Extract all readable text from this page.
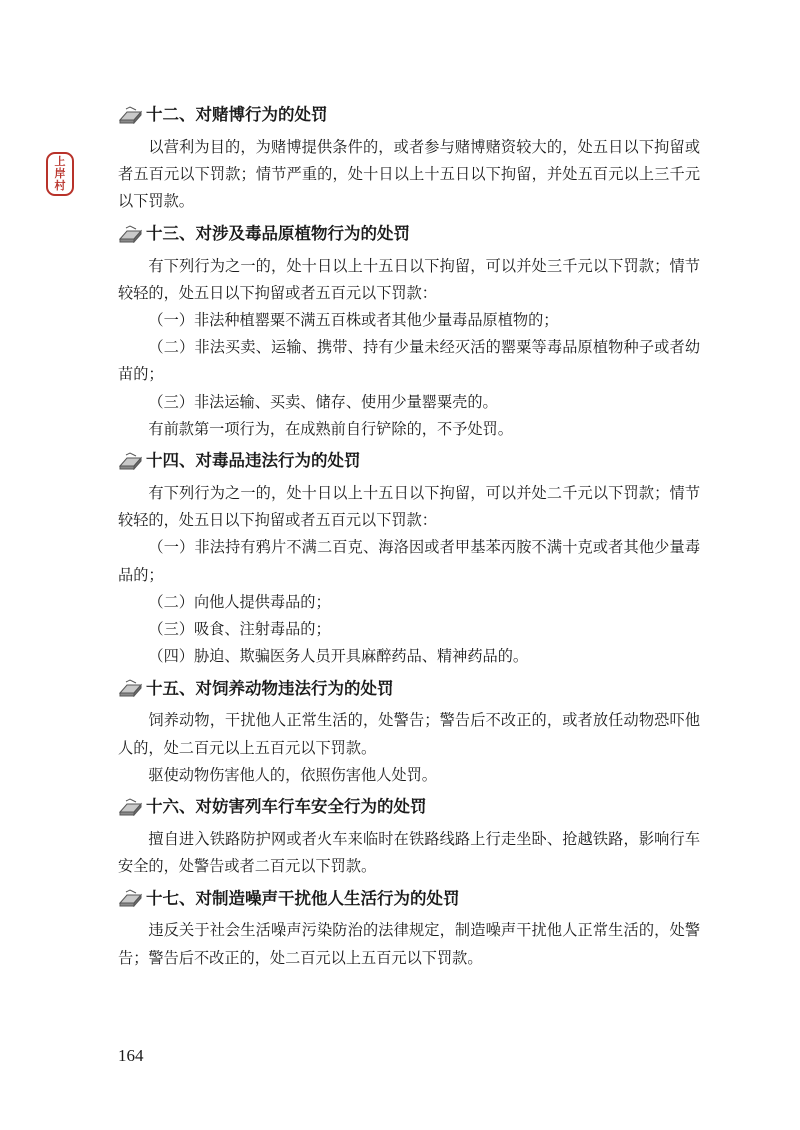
上
岸
村
十二、对赌博行为的处罚

以营利为目的，为赌博提供条件的，或者参与赌博赌资较大的，处五日以下拘留或者五百元以下罚款；情节严重的，处十日以上十五日以下拘留，并处五百元以上三千元以下罚款。

十三、对涉及毒品原植物行为的处罚

有下列行为之一的，处十日以上十五日以下拘留，可以并处三千元以下罚款；情节较轻的，处五日以下拘留或者五百元以下罚款：

（一）非法种植罂粟不满五百株或者其他少量毒品原植物的；

（二）非法买卖、运输、携带、持有少量未经灭活的罂粟等毒品原植物种子或者幼苗的；

（三）非法运输、买卖、储存、使用少量罂粟壳的。

有前款第一项行为，在成熟前自行铲除的，不予处罚。

十四、对毒品违法行为的处罚

有下列行为之一的，处十日以上十五日以下拘留，可以并处二千元以下罚款；情节较轻的，处五日以下拘留或者五百元以下罚款：

（一）非法持有鸦片不满二百克、海洛因或者甲基苯丙胺不满十克或者其他少量毒品的；

（二）向他人提供毒品的；

（三）吸食、注射毒品的；

（四）胁迫、欺骗医务人员开具麻醉药品、精神药品的。

十五、对饲养动物违法行为的处罚

饲养动物，干扰他人正常生活的，处警告；警告后不改正的，或者放任动物恐吓他人的，处二百元以上五百元以下罚款。

驱使动物伤害他人的，依照伤害他人处罚。

十六、对妨害列车行车安全行为的处罚

擅自进入铁路防护网或者火车来临时在铁路线路上行走坐卧、抢越铁路，影响行车安全的，处警告或者二百元以下罚款。

十七、对制造噪声干扰他人生活行为的处罚

违反关于社会生活噪声污染防治的法律规定，制造噪声干扰他人正常生活的，处警告；警告后不改正的，处二百元以上五百元以下罚款。

164
